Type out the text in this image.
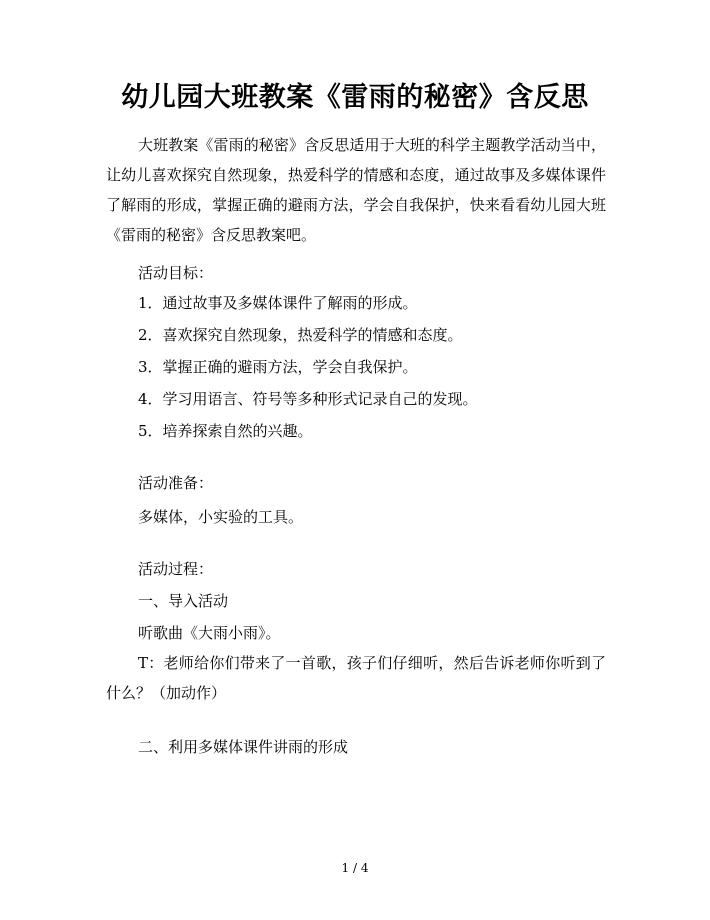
幼儿园大班教案《雷雨的秘密》含反思
大班教案《雷雨的秘密》含反思适用于大班的科学主题教学活动当中，让幼儿喜欢探究自然现象，热爱科学的情感和态度，通过故事及多媒体课件了解雨的形成，掌握正确的避雨方法，学会自我保护，快来看看幼儿园大班《雷雨的秘密》含反思教案吧。
活动目标：
1．通过故事及多媒体课件了解雨的形成。
2．喜欢探究自然现象，热爱科学的情感和态度。
3．掌握正确的避雨方法，学会自我保护。
4．学习用语言、符号等多种形式记录自己的发现。
5．培养探索自然的兴趣。
活动准备：
多媒体，小实验的工具。
活动过程：
一、导入活动
听歌曲《大雨小雨》。
T：老师给你们带来了一首歌，孩子们仔细听，然后告诉老师你听到了什么？（加动作）
二、利用多媒体课件讲雨的形成
1 / 4
